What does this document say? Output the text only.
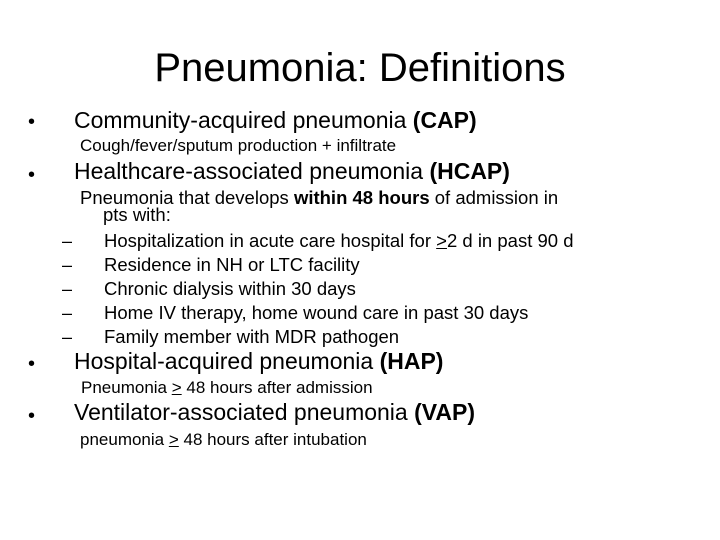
Pneumonia: Definitions
• Community-acquired pneumonia (CAP)
Cough/fever/sputum production + infiltrate
• Healthcare-associated pneumonia (HCAP)
Pneumonia that develops within 48 hours of admission in
pts with:
– Hospitalization in acute care hospital for >2 d in past 90 d
– Residence in NH or LTC facility
– Chronic dialysis within 30 days
– Home IV therapy, home wound care in past 30 days
– Family member with MDR pathogen
• Hospital-acquired pneumonia (HAP)
Pneumonia > 48 hours after admission
• Ventilator-associated pneumonia (VAP)
pneumonia > 48 hours after intubation
